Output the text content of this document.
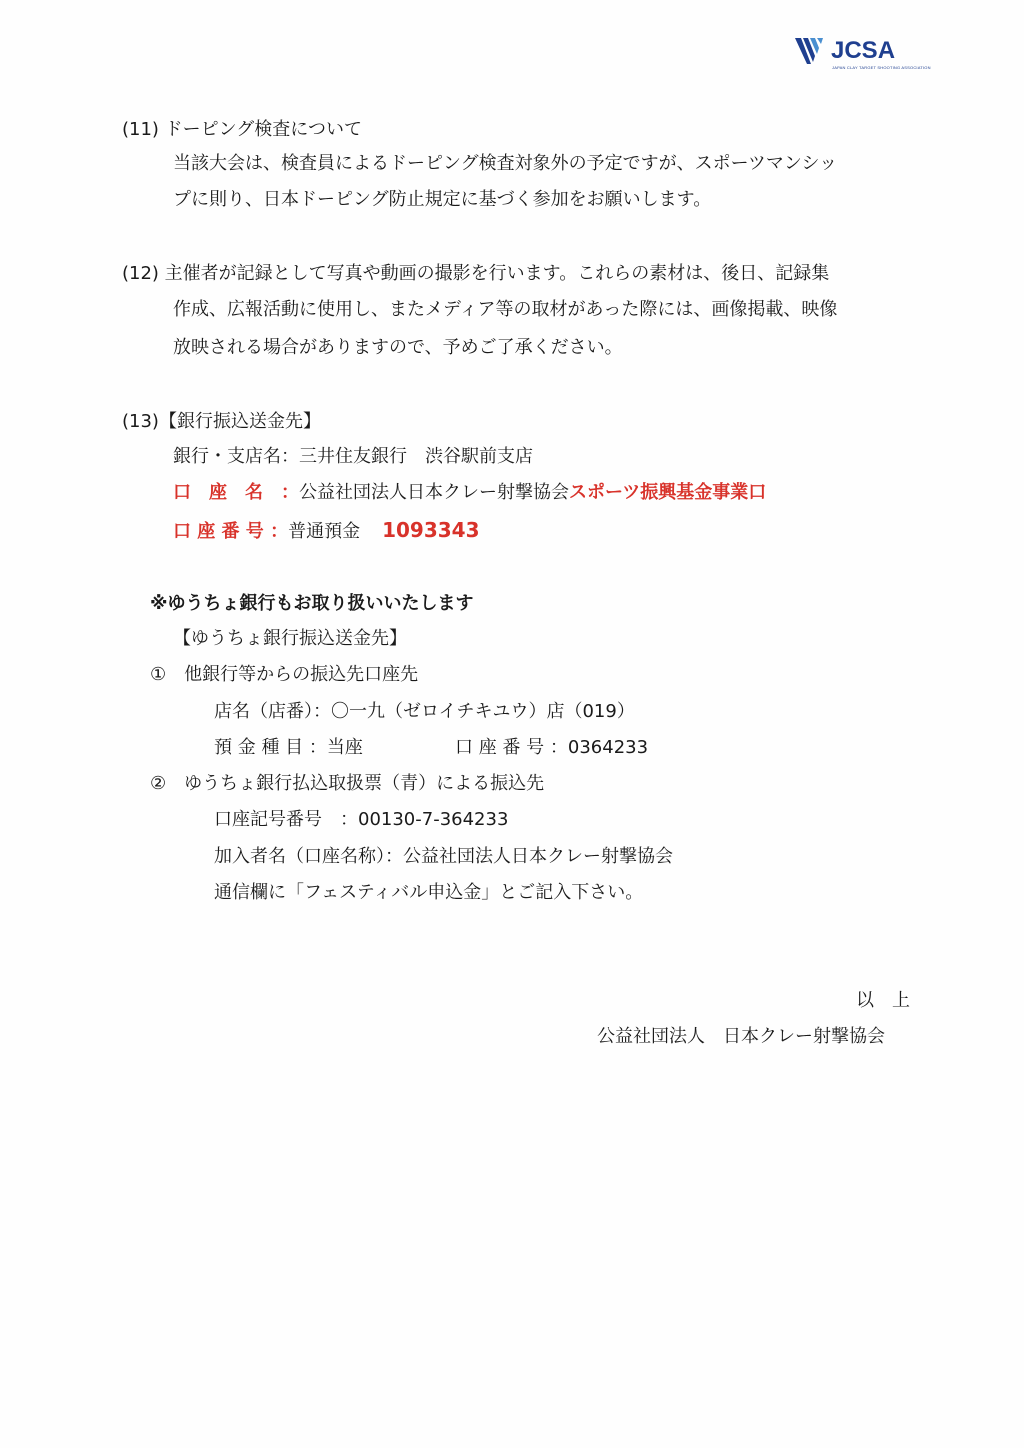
JCSA
JAPAN CLAY TARGET SHOOTING ASSOCIATION
(11) ドーピング検査について
当該大会は、検査員によるドーピング検査対象外の予定ですが、スポーツマンシッ
プに則り、日本ドーピング防止規定に基づく参加をお願いします。
(12) 主催者が記録として写真や動画の撮影を行います。これらの素材は、後日、記録集
作成、広報活動に使用し、またメディア等の取材があった際には、画像掲載、映像
放映される場合がありますので、予めご了承ください。
(13)【銀行振込送金先】
銀行・支店名：三井住友銀行　渋谷駅前支店
口　座　名　：公益社団法人日本クレー射撃協会スポーツ振興基金事業口
口 座 番 号 ：普通預金 1093343
※ゆうちょ銀行もお取り扱いいたします
【ゆうちょ銀行振込送金先】
①　他銀行等からの振込先口座先
店名（店番）：〇一九（ゼロイチキユウ）店（019）
預 金 種 目 ：当座	口 座 番 号 ：0364233
②　ゆうちょ銀行払込取扱票（青）による振込先
口座記号番号　：00130-7-364233
加入者名（口座名称）：公益社団法人日本クレー射撃協会
通信欄に「フェスティバル申込金」とご記入下さい。
以　上
公益社団法人　日本クレー射撃協会
